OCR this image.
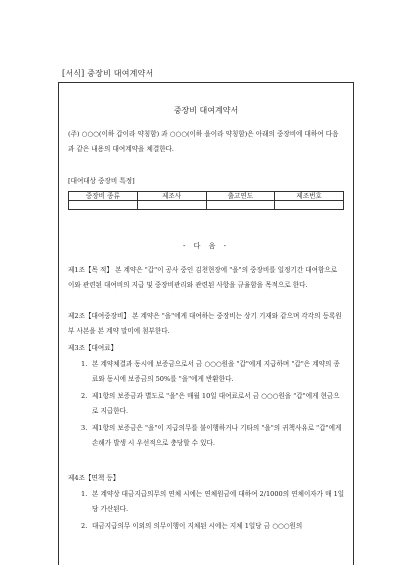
[서식] 중장비 대여계약서
중장비 대여계약서
(주) ○○○(이하 갑이라 약칭함) 과 ○○○(이하 을이라 약칭함)은 아래의 중장비에 대하여 다음과 같은 내용의 대여계약을 체결한다.
[대여대상 중장비 특정]
중장비 종류	제조사	출고연도	제조번호

- 다 음 -
제1조【목 적】 본 계약은 "갑"이 공사 중인 김천현장에 "을"의 중장비를 일정기간 대여함으로 이와 관련된 대여비의 지급 및 중장비관리와 관련된 사항을 규율함을 목적으로 한다.
제2조【대여중장비】 본 계약은 "을"에게 대여하는 중장비는 상기 기재와 같으며 각각의 등록원부 사본을 본 계약 말미에 첨부한다.
제3조【대여료】
1. 본 계약체결과 동시에 보증금으로서 금 ○○○원을 "갑"에게 지급하며 "갑"은 계약의 종료와 동시에 보증금의 50%를 "을"에게 반환한다.
2. 제1항의 보증금과 별도로 "을"은 매월 10일 대여료로서 금 ○○○원을 "갑"에게 현금으로 지급한다.
3. 제1항의 보증금은 "을"이 지급의무를 불이행하거나 기타의 "을"의 귀책사유로 "갑"에게 손해가 발생 시 우선적으로 충당할 수 있다.
제4조【면책 등】
1. 본 계약상 대금지급의무의 연체 시에는 연체원금에 대하여 2/1000의 연체이자가 매 1일당 가산된다.
2. 대금지급의무 이외의 의무이행이 지체된 시에는 지체 1일당 금 ○○○원의
